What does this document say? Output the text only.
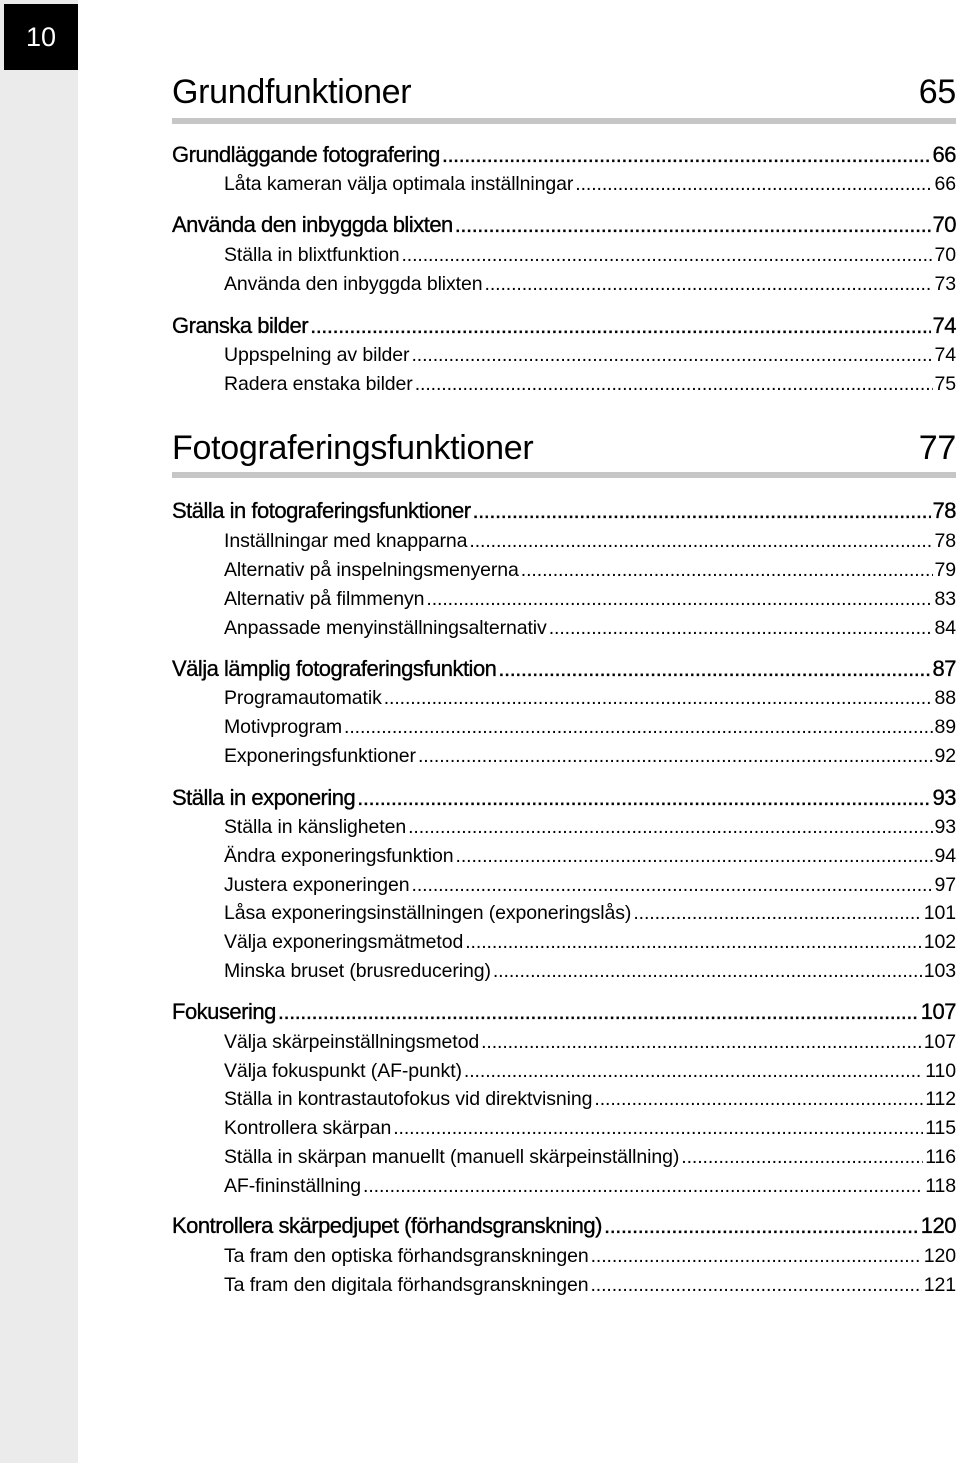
10
Grundfunktioner	65
Grundläggande fotografering .....	66
Låta kameran välja optimala inställningar .....	66
Använda den inbyggda blixten .....	70
Ställa in blixtfunktion .....	70
Använda den inbyggda blixten .....	73
Granska bilder .....	74
Uppspelning av bilder .....	74
Radera enstaka bilder .....	75
Fotograferingsfunktioner	77
Ställa in fotograferingsfunktioner .....	78
Inställningar med knapparna .....	78
Alternativ på inspelningsmenyerna .....	79
Alternativ på filmmenyn .....	83
Anpassade menyinställningsalternativ .....	84
Välja lämplig fotograferingsfunktion .....	87
Programautomatik .....	88
Motivprogram .....	89
Exponeringsfunktioner .....	92
Ställa in exponering .....	93
Ställa in känsligheten .....	93
Ändra exponeringsfunktion .....	94
Justera exponeringen .....	97
Låsa exponeringsinställningen (exponeringslås) .....	101
Välja exponeringsmätmetod .....	102
Minska bruset (brusreducering) .....	103
Fokusering .....	107
Välja skärpeinställningsmetod .....	107
Välja fokuspunkt (AF-punkt) .....	110
Ställa in kontrastautofokus vid direktvisning .....	112
Kontrollera skärpan .....	115
Ställa in skärpan manuellt (manuell skärpeinställning) .....	116
AF-fininställning .....	118
Kontrollera skärpedjupet (förhandsgranskning) .....	120
Ta fram den optiska förhandsgranskningen .....	120
Ta fram den digitala förhandsgranskningen .....	121
